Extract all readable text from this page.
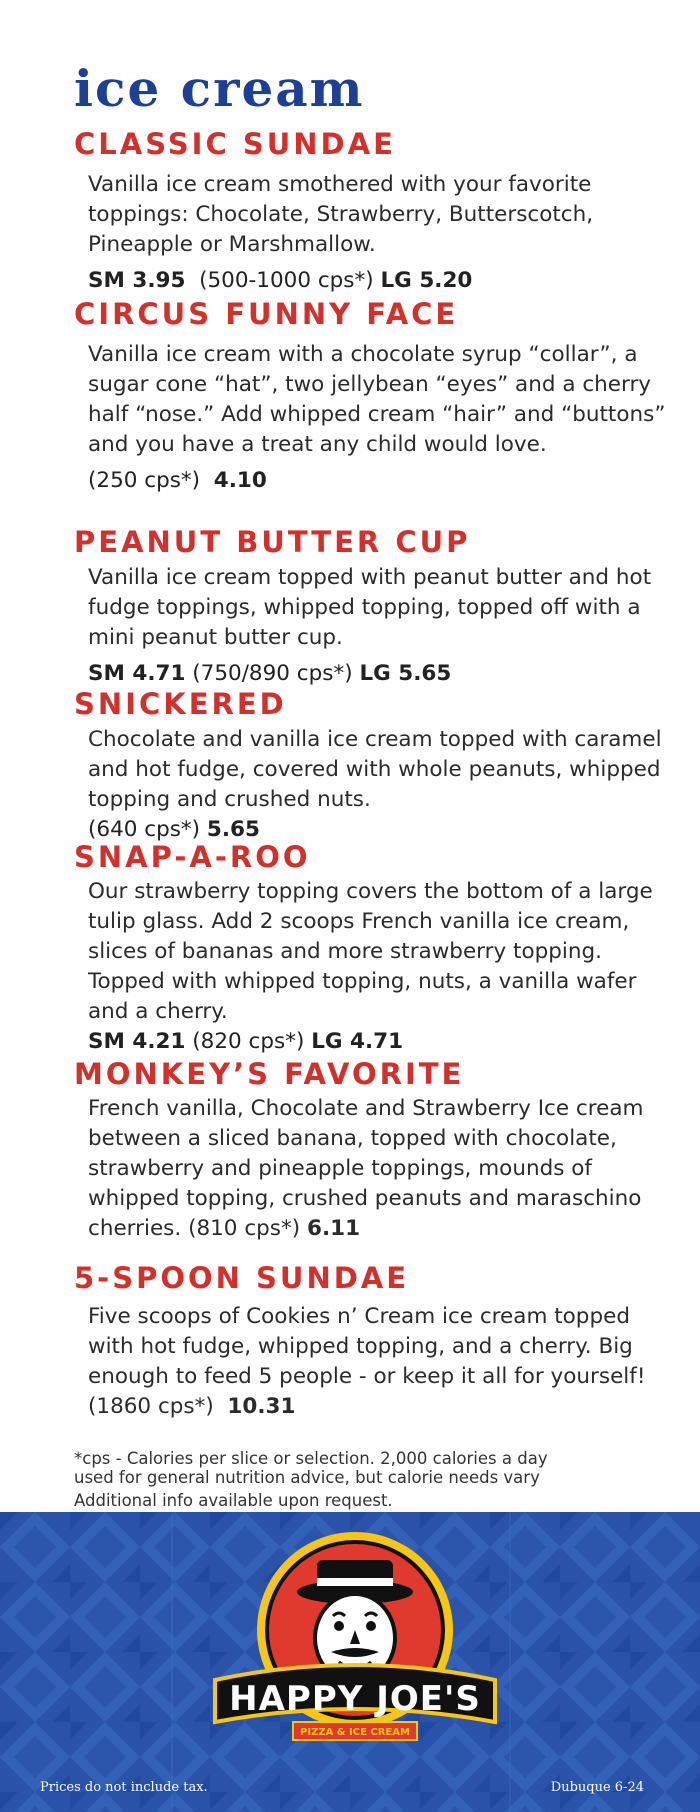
ice cream
CLASSIC SUNDAE
Vanilla ice cream smothered with your favorite toppings: Chocolate, Strawberry, Butterscotch, Pineapple or Marshmallow.
SM 3.95 (500-1000 cps*) LG 5.20
CIRCUS FUNNY FACE
Vanilla ice cream with a chocolate syrup “collar”, a sugar cone “hat”, two jellybean “eyes” and a cherry half “nose.” Add whipped cream “hair” and “buttons” and you have a treat any child would love.
(250 cps*) 4.10
PEANUT BUTTER CUP
Vanilla ice cream topped with peanut butter and hot fudge toppings, whipped topping, topped off with a mini peanut butter cup.
SM 4.71 (750/890 cps*) LG 5.65
SNICKERED
Chocolate and vanilla ice cream topped with caramel and hot fudge, covered with whole peanuts, whipped topping and crushed nuts.
(640 cps*) 5.65
SNAP-A-ROO
Our strawberry topping covers the bottom of a large tulip glass. Add 2 scoops French vanilla ice cream, slices of bananas and more strawberry topping. Topped with whipped topping, nuts, a vanilla wafer and a cherry.
SM 4.21 (820 cps*) LG 4.71
MONKEY’S FAVORITE
French vanilla, Chocolate and Strawberry Ice cream between a sliced banana, topped with chocolate, strawberry and pineapple toppings, mounds of whipped topping, crushed peanuts and maraschino cherries. (810 cps*) 6.11
5-SPOON SUNDAE
Five scoops of Cookies n’ Cream ice cream topped with hot fudge, whipped topping, and a cherry. Big enough to feed 5 people - or keep it all for yourself! (1860 cps*) 10.31
*cps - Calories per slice or selection. 2,000 calories a day
used for general nutrition advice, but calorie needs vary
Additional info available upon request.
HAPPY JOE'S
PIZZA & ICE CREAM
Prices do not include tax.	Dubuque 6-24
